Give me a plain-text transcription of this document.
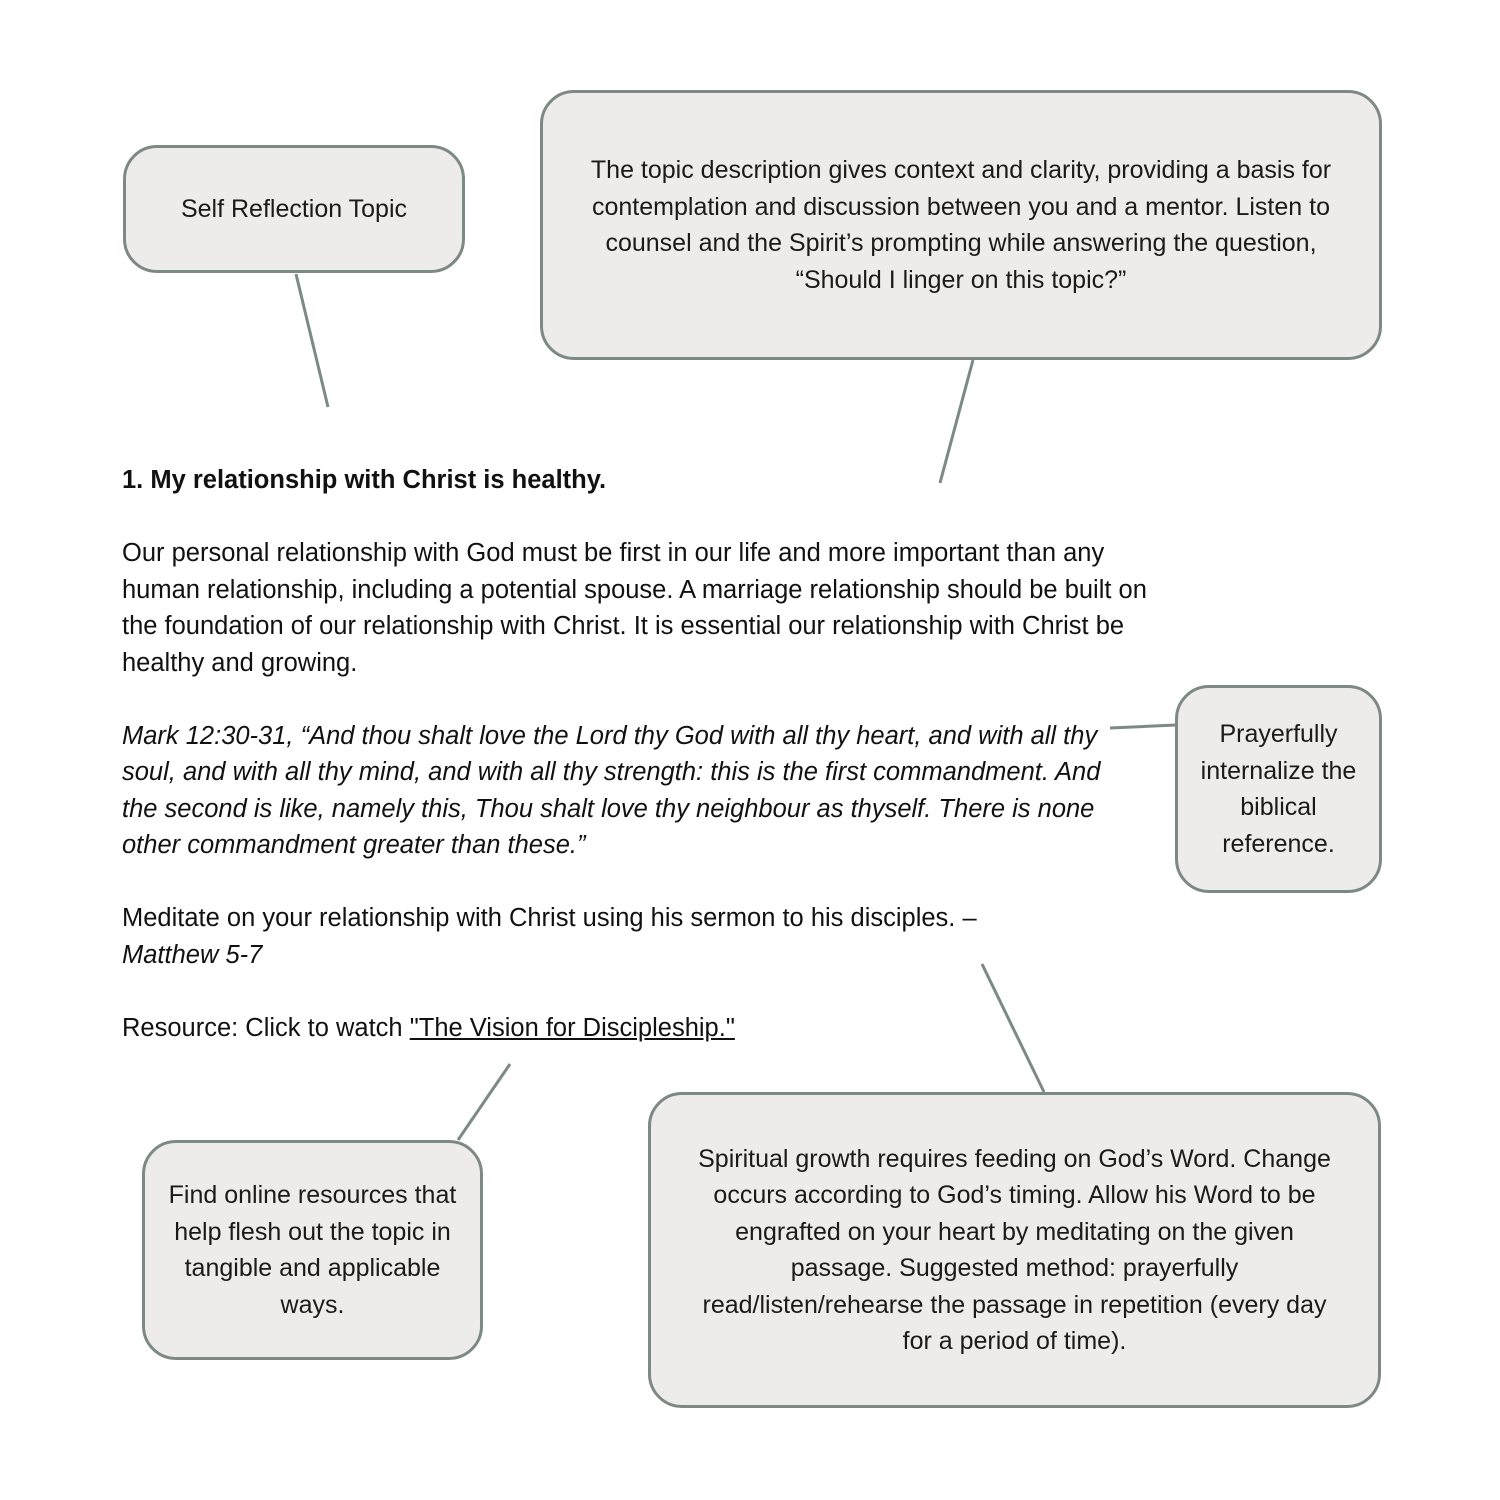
Self Reflection Topic
The topic description gives context and clarity, providing a basis for contemplation and discussion between you and a mentor. Listen to counsel and the Spirit’s prompting while answering the question, “Should I linger on this topic?”
Prayerfully internalize the biblical reference.
Find online resources that help flesh out the topic in tangible and applicable ways.
Spiritual growth requires feeding on God’s Word. Change occurs according to God’s timing. Allow his Word to be engrafted on your heart by meditating on the given passage. Suggested method: prayerfully read/listen/rehearse the passage in repetition (every day for a period of time).

1. My relationship with Christ is healthy.

Our personal relationship with God must be first in our life and more important than any human relationship, including a potential spouse. A marriage relationship should be built on the foundation of our relationship with Christ. It is essential our relationship with Christ be healthy and growing.

Mark 12:30-31, “And thou shalt love the Lord thy God with all thy heart, and with all thy soul, and with all thy mind, and with all thy strength: this is the first commandment. And the second is like, namely this, Thou shalt love thy neighbour as thyself. There is none other commandment greater than these.”

Meditate on your relationship with Christ using his sermon to his disciples. –
Matthew 5-7

Resource: Click to watch "The Vision for Discipleship."
